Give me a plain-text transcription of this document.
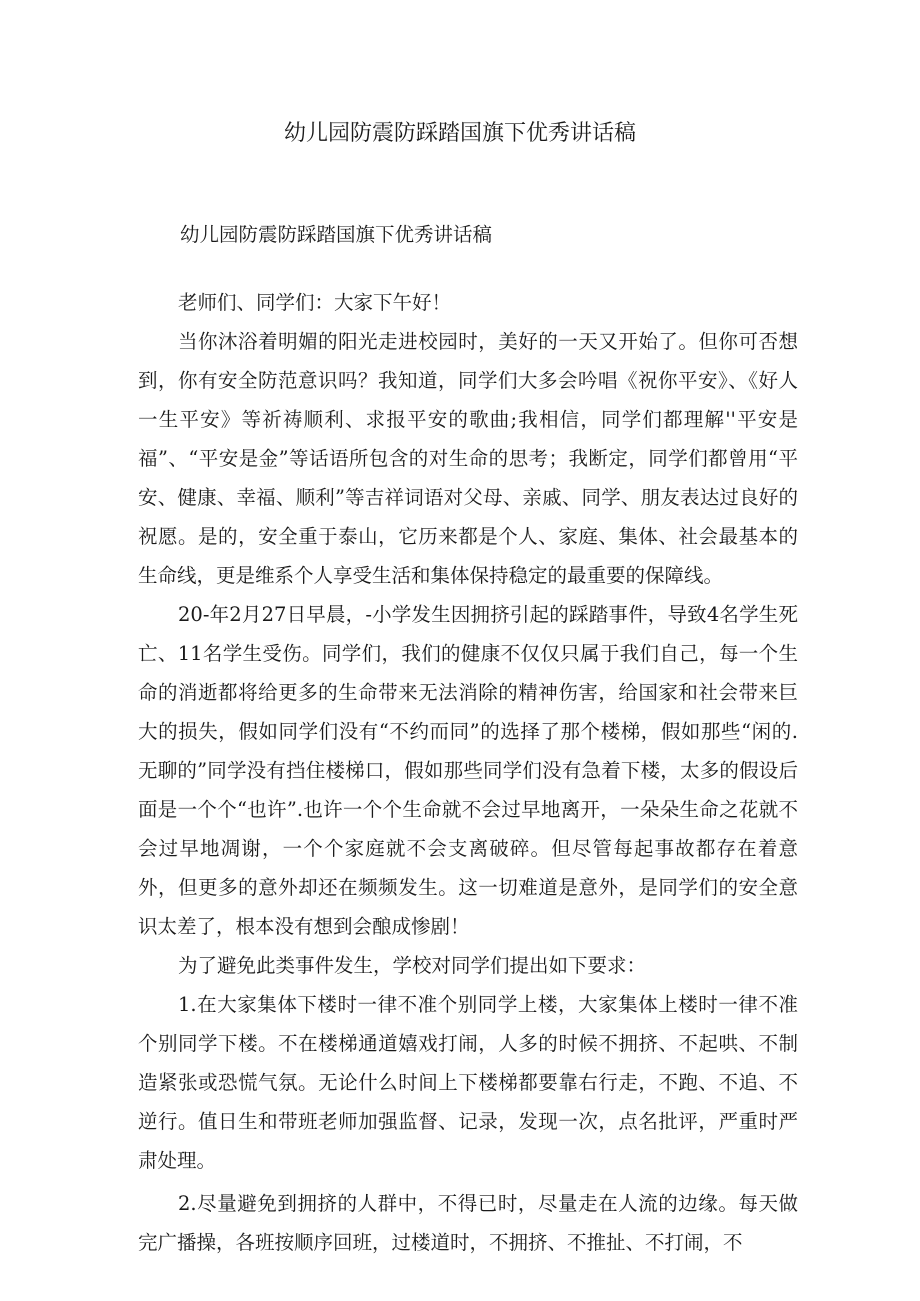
幼儿园防震防踩踏国旗下优秀讲话稿
幼儿园防震防踩踏国旗下优秀讲话稿

老师们、同学们：大家下午好！

当你沐浴着明媚的阳光走进校园时，美好的一天又开始了。但你可否想到，你有安全防范意识吗？我知道，同学们大多会吟唱《祝你平安》、《好人一生平安》等祈祷顺利、求报平安的歌曲;我相信，同学们都理解''平安是福”、“平安是金”等话语所包含的对生命的思考；我断定，同学们都曾用“平安、健康、幸福、顺利”等吉祥词语对父母、亲戚、同学、朋友表达过良好的祝愿。是的，安全重于泰山，它历来都是个人、家庭、集体、社会最基本的生命线，更是维系个人享受生活和集体保持稳定的最重要的保障线。

20-年2月27日早晨，-小学发生因拥挤引起的踩踏事件，导致4名学生死亡、11名学生受伤。同学们，我们的健康不仅仅只属于我们自己，每一个生命的消逝都将给更多的生命带来无法消除的精神伤害，给国家和社会带来巨大的损失，假如同学们没有“不约而同”的选择了那个楼梯，假如那些“闲的.无聊的”同学没有挡住楼梯口，假如那些同学们没有急着下楼，太多的假设后面是一个个“也许”.也许一个个生命就不会过早地离开，一朵朵生命之花就不会过早地凋谢，一个个家庭就不会支离破碎。但尽管每起事故都存在着意外，但更多的意外却还在频频发生。这一切难道是意外，是同学们的安全意识太差了，根本没有想到会酿成惨剧！

为了避免此类事件发生，学校对同学们提出如下要求：

1.在大家集体下楼时一律不准个别同学上楼，大家集体上楼时一律不准个别同学下楼。不在楼梯通道嬉戏打闹，人多的时候不拥挤、不起哄、不制造紧张或恐慌气氛。无论什么时间上下楼梯都要靠右行走，不跑、不追、不逆行。值日生和带班老师加强监督、记录，发现一次，点名批评，严重时严肃处理。

2.尽量避免到拥挤的人群中，不得已时，尽量走在人流的边缘。每天做完广播操，各班按顺序回班，过楼道时，不拥挤、不推扯、不打闹，不
